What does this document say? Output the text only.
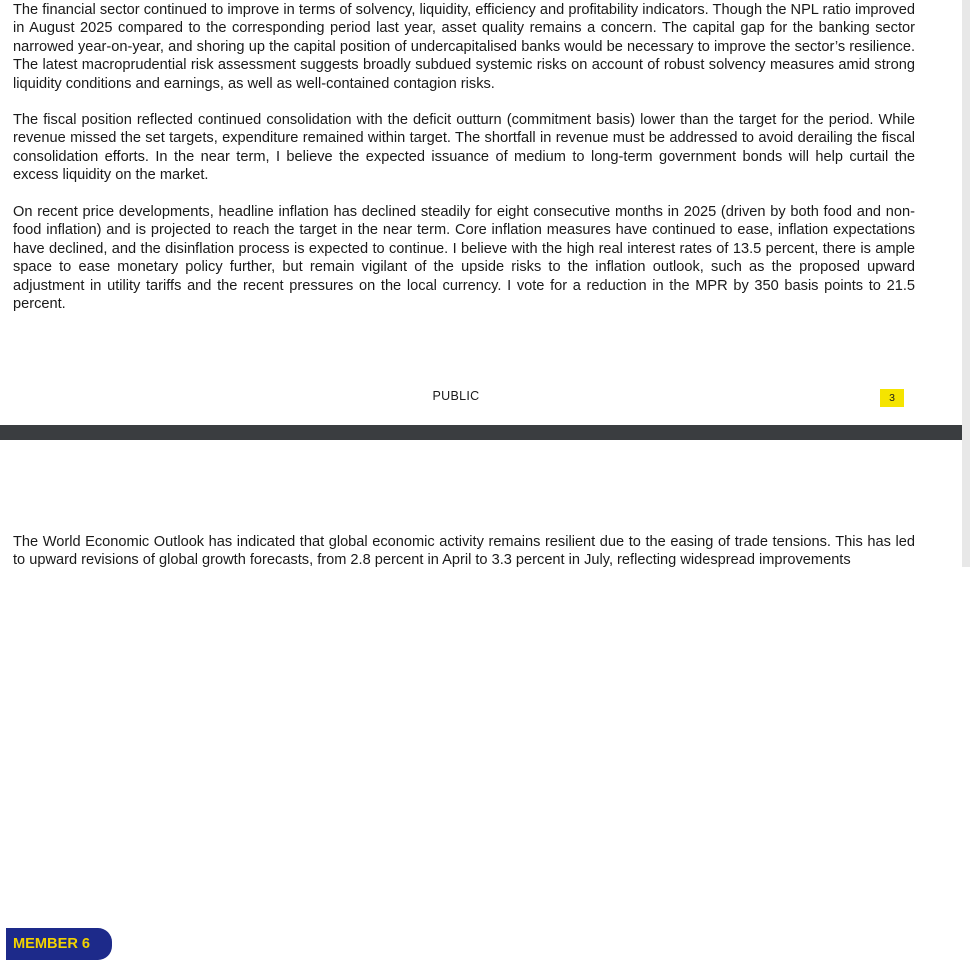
The financial sector continued to improve in terms of solvency, liquidity, efficiency and profitability indicators. Though the NPL ratio improved in August 2025 compared to the corresponding period last year, asset quality remains a concern. The capital gap for the banking sector narrowed year-on-year, and shoring up the capital position of undercapitalised banks would be necessary to improve the sector’s resilience. The latest macroprudential risk assessment suggests broadly subdued systemic risks on account of robust solvency measures amid strong liquidity conditions and earnings, as well as well-contained contagion risks.

The fiscal position reflected continued consolidation with the deficit outturn (commitment basis) lower than the target for the period. While revenue missed the set targets, expenditure remained within target. The shortfall in revenue must be addressed to avoid derailing the fiscal consolidation efforts. In the near term, I believe the expected issuance of medium to long-term government bonds will help curtail the excess liquidity on the market.

On recent price developments, headline inflation has declined steadily for eight consecutive months in 2025 (driven by both food and non-food inflation) and is projected to reach the target in the near term. Core inflation measures have continued to ease, inflation expectations have declined, and the disinflation process is expected to continue. I believe with the high real interest rates of 13.5 percent, there is ample space to ease monetary policy further, but remain vigilant of the upside risks to the inflation outlook, such as the proposed upward adjustment in utility tariffs and the recent pressures on the local currency. I vote for a reduction in the MPR by 350 basis points to 21.5 percent.

PUBLIC	3
MEMBER 6

The World Economic Outlook has indicated that global economic activity remains resilient due to the easing of trade tensions. This has led to upward revisions of global growth forecasts, from 2.8 percent in April to 3.3 percent in July, reflecting widespread improvements
